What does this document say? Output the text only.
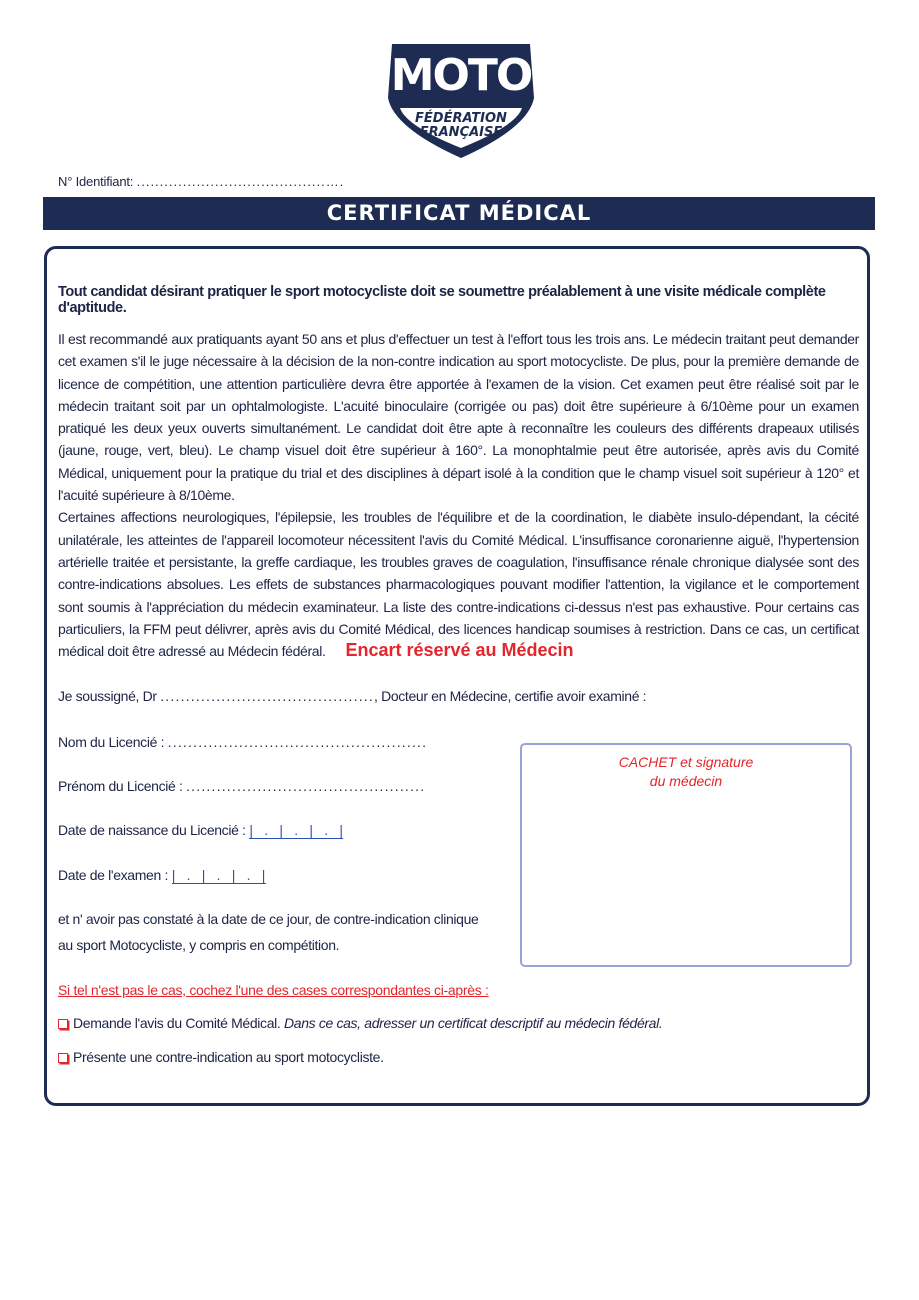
MOTO
FÉDÉRATION
FRANÇAISE
N° Identifiant: .........................................….
CERTIFICAT MÉDICAL
Tout candidat désirant pratiquer le sport motocycliste doit se soumettre préalablement à une visite médicale complète d'aptitude.

Il est recommandé aux pratiquants ayant 50 ans et plus d'effectuer un test à l'effort tous les trois ans. Le médecin traitant peut demander cet examen s'il le juge nécessaire à la décision de la non-contre indication au sport motocycliste. De plus, pour la première demande de licence de compétition, une attention particulière devra être apportée à l'examen de la vision. Cet examen peut être réalisé soit par le médecin traitant soit par un ophtalmologiste. L'acuité binoculaire (corrigée ou pas) doit être supérieure à 6/10ème pour un examen pratiqué les deux yeux ouverts simultanément. Le candidat doit être apte à reconnaître les couleurs des différents drapeaux utilisés (jaune, rouge, vert, bleu). Le champ visuel doit être supérieur à 160°. La monophtalmie peut être autorisée, après avis du Comité Médical, uniquement pour la pratique du trial et des disciplines à départ isolé à la condition que le champ visuel soit supérieur à 120° et l'acuité supérieure à 8/10ème.

Certaines affections neurologiques, l'épilepsie, les troubles de l'équilibre et de la coordination, le diabète insulo-dépendant, la cécité unilatérale, les atteintes de l'appareil locomoteur nécessitent l'avis du Comité Médical. L'insuffisance coronarienne aiguë, l'hypertension artérielle traitée et persistante, la greffe cardiaque, les troubles graves de coagulation, l'insuffisance rénale chronique dialysée sont des contre-indications absolues. Les effets de substances pharmacologiques pouvant modifier l'attention, la vigilance et le comportement sont soumis à l'appréciation du médecin examinateur. La liste des contre-indications ci-dessus n'est pas exhaustive. Pour certains cas particuliers, la FFM peut délivrer, après avis du Comité Médical, des licences handicap soumises à restriction. Dans ce cas, un certificat médical doit être adressé au Médecin fédéral.	Encart réservé au Médecin
Je soussigné, Dr .........................................., Docteur en Médecine, certifie avoir examiné :
Nom du Licencié : ...................................................
Prénom du Licencié : ...............................................
Date de naissance du Licencié : | . | . | . |
Date de l'examen : | . | . | . |
et n' avoir pas constaté à la date de ce jour, de contre-indication clinique
au sport Motocycliste, y compris en compétition.
CACHET et signature
du médecin
Si tel n'est pas le cas, cochez l'une des cases correspondantes ci-après :
Demande l'avis du Comité Médical. Dans ce cas, adresser un certificat descriptif au médecin fédéral.
Présente une contre-indication au sport motocycliste.
